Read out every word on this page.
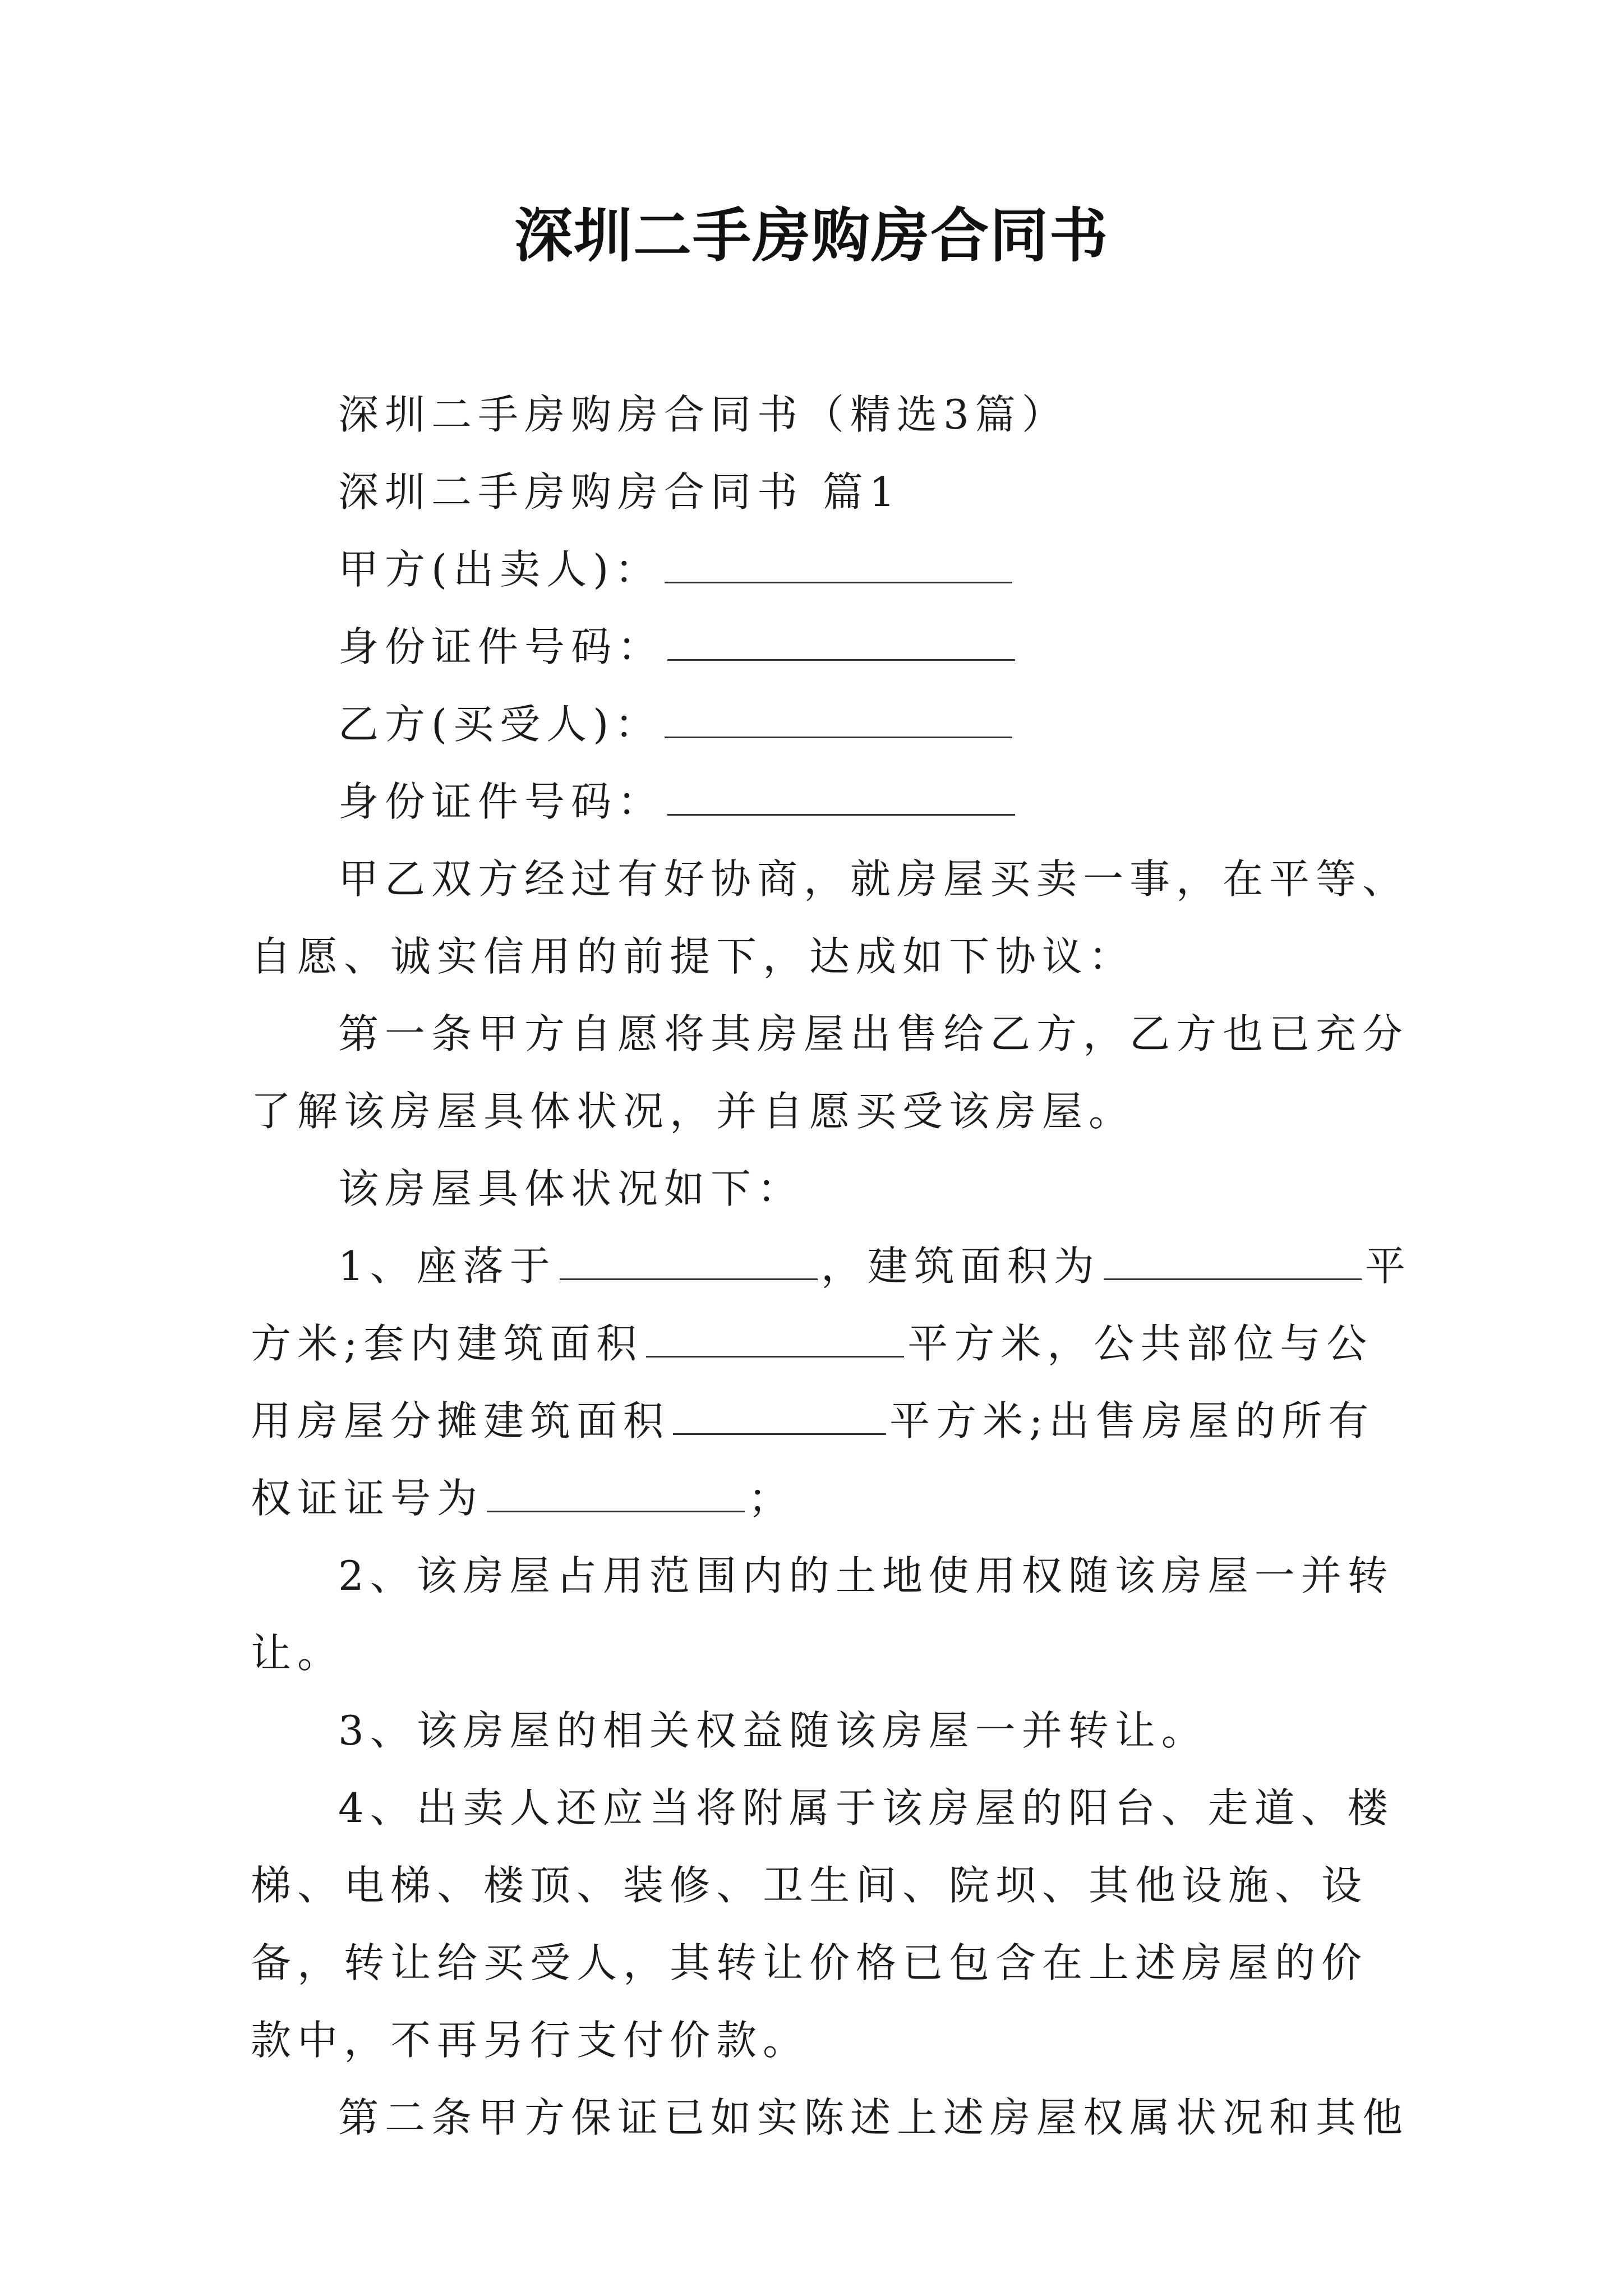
深圳二手房购房合同书

深圳二手房购房合同书（精选3篇）

深圳二手房购房合同书 篇1

甲方(出卖人)：

身份证件号码：

乙方(买受人)：

身份证件号码：

甲乙双方经过有好协商，就房屋买卖一事，在平等、自愿、诚实信用的前提下，达成如下协议：

第一条甲方自愿将其房屋出售给乙方，乙方也已充分了解该房屋具体状况，并自愿买受该房屋。

该房屋具体状况如下：

1、座落于	，建筑面积为	平方米;套内建筑面积	平方米，公共部位与公用房屋分摊建筑面积	平方米;出售房屋的所有权证证号为	；

2、该房屋占用范围内的土地使用权随该房屋一并转让。

3、该房屋的相关权益随该房屋一并转让。

4、出卖人还应当将附属于该房屋的阳台、走道、楼梯、电梯、楼顶、装修、卫生间、院坝、其他设施、设备，转让给买受人，其转让价格已包含在上述房屋的价款中，不再另行支付价款。

第二条甲方保证已如实陈述上述房屋权属状况和其他
